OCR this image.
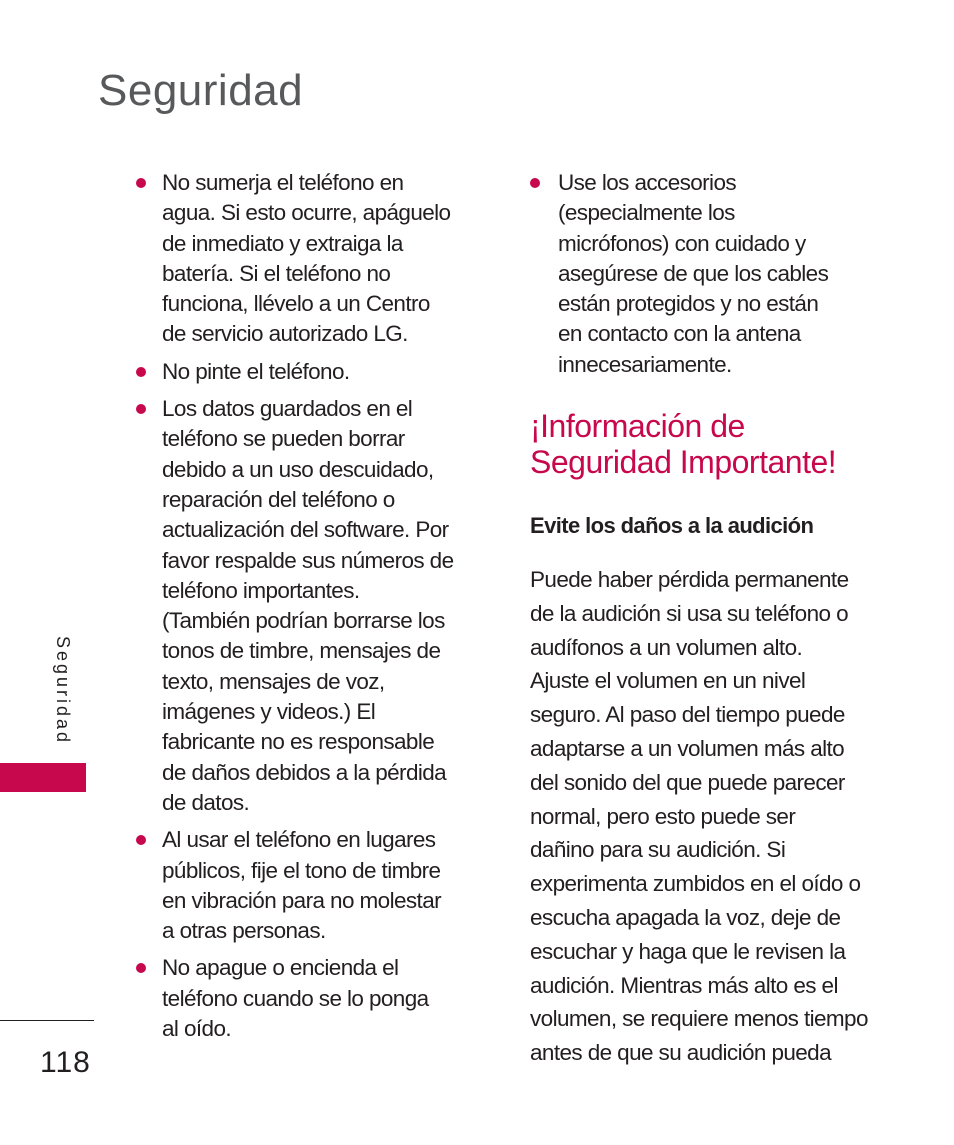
Seguridad
No sumerja el teléfono en
agua. Si esto ocurre, apáguelo
de inmediato y extraiga la
batería. Si el teléfono no
funciona, llévelo a un Centro
de servicio autorizado LG.
No pinte el teléfono.
Los datos guardados en el
teléfono se pueden borrar
debido a un uso descuidado,
reparación del teléfono o
actualización del software. Por
favor respalde sus números de
teléfono importantes.
(También podrían borrarse los
tonos de timbre, mensajes de
texto, mensajes de voz,
imágenes y videos.) El
fabricante no es responsable
de daños debidos a la pérdida
de datos.
Al usar el teléfono en lugares
públicos, fije el tono de timbre
en vibración para no molestar
a otras personas.
No apague o encienda el
teléfono cuando se lo ponga
al oído.
Use los accesorios
(especialmente los
micrófonos) con cuidado y
asegúrese de que los cables
están protegidos y no están
en contacto con la antena
innecesariamente.
¡Información de
Seguridad Importante!
Evite los daños a la audición

Puede haber pérdida permanente
de la audición si usa su teléfono o
audífonos a un volumen alto.
Ajuste el volumen en un nivel
seguro. Al paso del tiempo puede
adaptarse a un volumen más alto
del sonido del que puede parecer
normal, pero esto puede ser
dañino para su audición. Si
experimenta zumbidos en el oído o
escucha apagada la voz, deje de
escuchar y haga que le revisen la
audición. Mientras más alto es el
volumen, se requiere menos tiempo
antes de que su audición pueda

Seguridad
118
